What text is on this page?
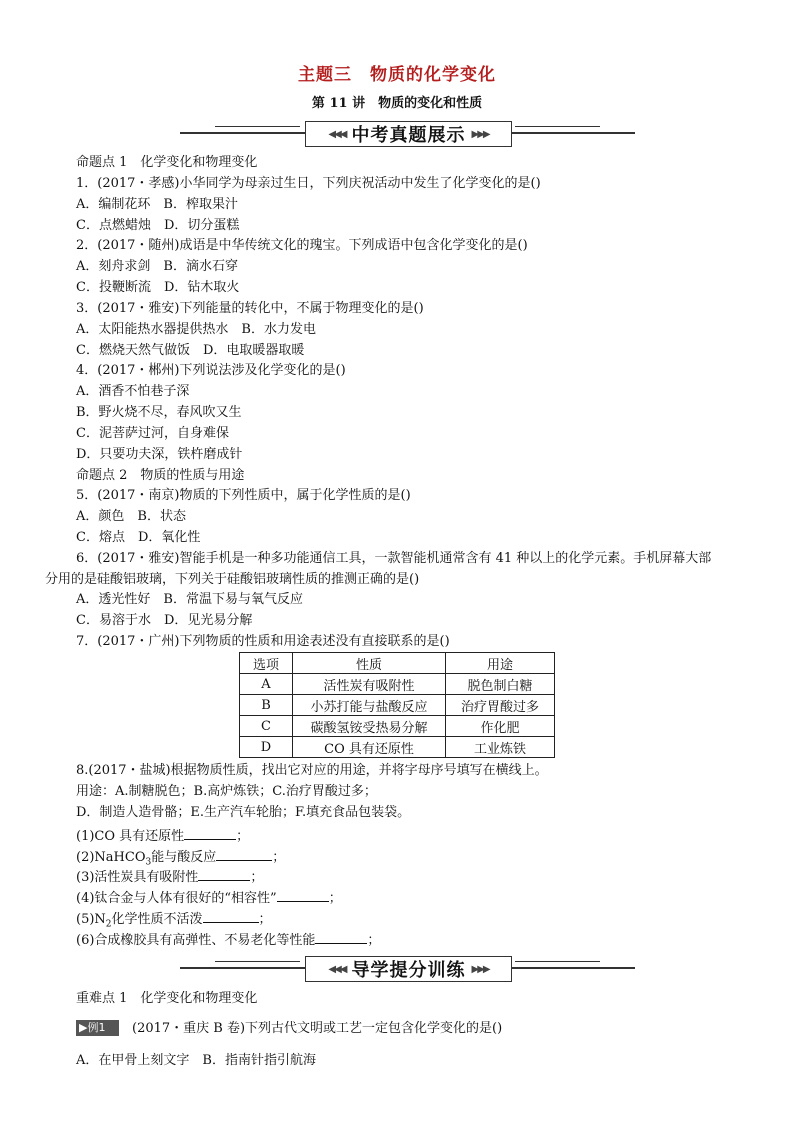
主题三　物质的化学变化
第 11 讲　物质的变化和性质
◀◀◀ 中考真题展示 ▶▶▶
命题点 1　化学变化和物理变化
1．(2017・孝感)小华同学为母亲过生日，下列庆祝活动中发生了化学变化的是()
A．编制花环　B．榨取果汁
C．点燃蜡烛　D．切分蛋糕
2．(2017・随州)成语是中华传统文化的瑰宝。下列成语中包含化学变化的是()
A．刻舟求剑　B．滴水石穿
C．投鞭断流　D．钻木取火
3．(2017・雅安)下列能量的转化中，不属于物理变化的是()
A．太阳能热水器提供热水　B．水力发电
C．燃烧天然气做饭　D．电取暖器取暖
4．(2017・郴州)下列说法涉及化学变化的是()
A．酒香不怕巷子深
B．野火烧不尽，春风吹又生
C．泥菩萨过河，自身难保
D．只要功夫深，铁杵磨成针
命题点 2　物质的性质与用途
5．(2017・南京)物质的下列性质中，属于化学性质的是()
A．颜色　B．状态
C．熔点　D．氧化性
6．(2017・雅安)智能手机是一种多功能通信工具，一款智能机通常含有 41 种以上的化学元素。手机屏幕大部
分用的是硅酸铝玻璃，下列关于硅酸铝玻璃性质的推测正确的是()
A．透光性好　B．常温下易与氧气反应
C．易溶于水　D．见光易分解
7．(2017・广州)下列物质的性质和用途表述没有直接联系的是()
选项	性质	用途
A	活性炭有吸附性	脱色制白糖
B	小苏打能与盐酸反应	治疗胃酸过多
C	碳酸氢铵受热易分解	作化肥
D	CO 具有还原性	工业炼铁
8.(2017・盐城)根据物质性质，找出它对应的用途，并将字母序号填写在横线上。
用途：A.制糖脱色；B.高炉炼铁；C.治疗胃酸过多；
D．制造人造骨骼；E.生产汽车轮胎；F.填充食品包装袋。
(1)CO 具有还原性	；
(2)NaHCO$_3$能与酸反应	；
(3)活性炭具有吸附性	；
(4)钛合金与人体有很好的“相容性”	；
$(5)N_2$化学性质不活泼	；
(6)合成橡胶具有高弹性、不易老化等性能	；
◀◀◀ 导学提分训练 ▶▶▶
重难点 1　化学变化和物理变化
▶例1	(2017・重庆 B 卷)下列古代文明或工艺一定包含化学变化的是()
A．在甲骨上刻文字　B．指南针指引航海
